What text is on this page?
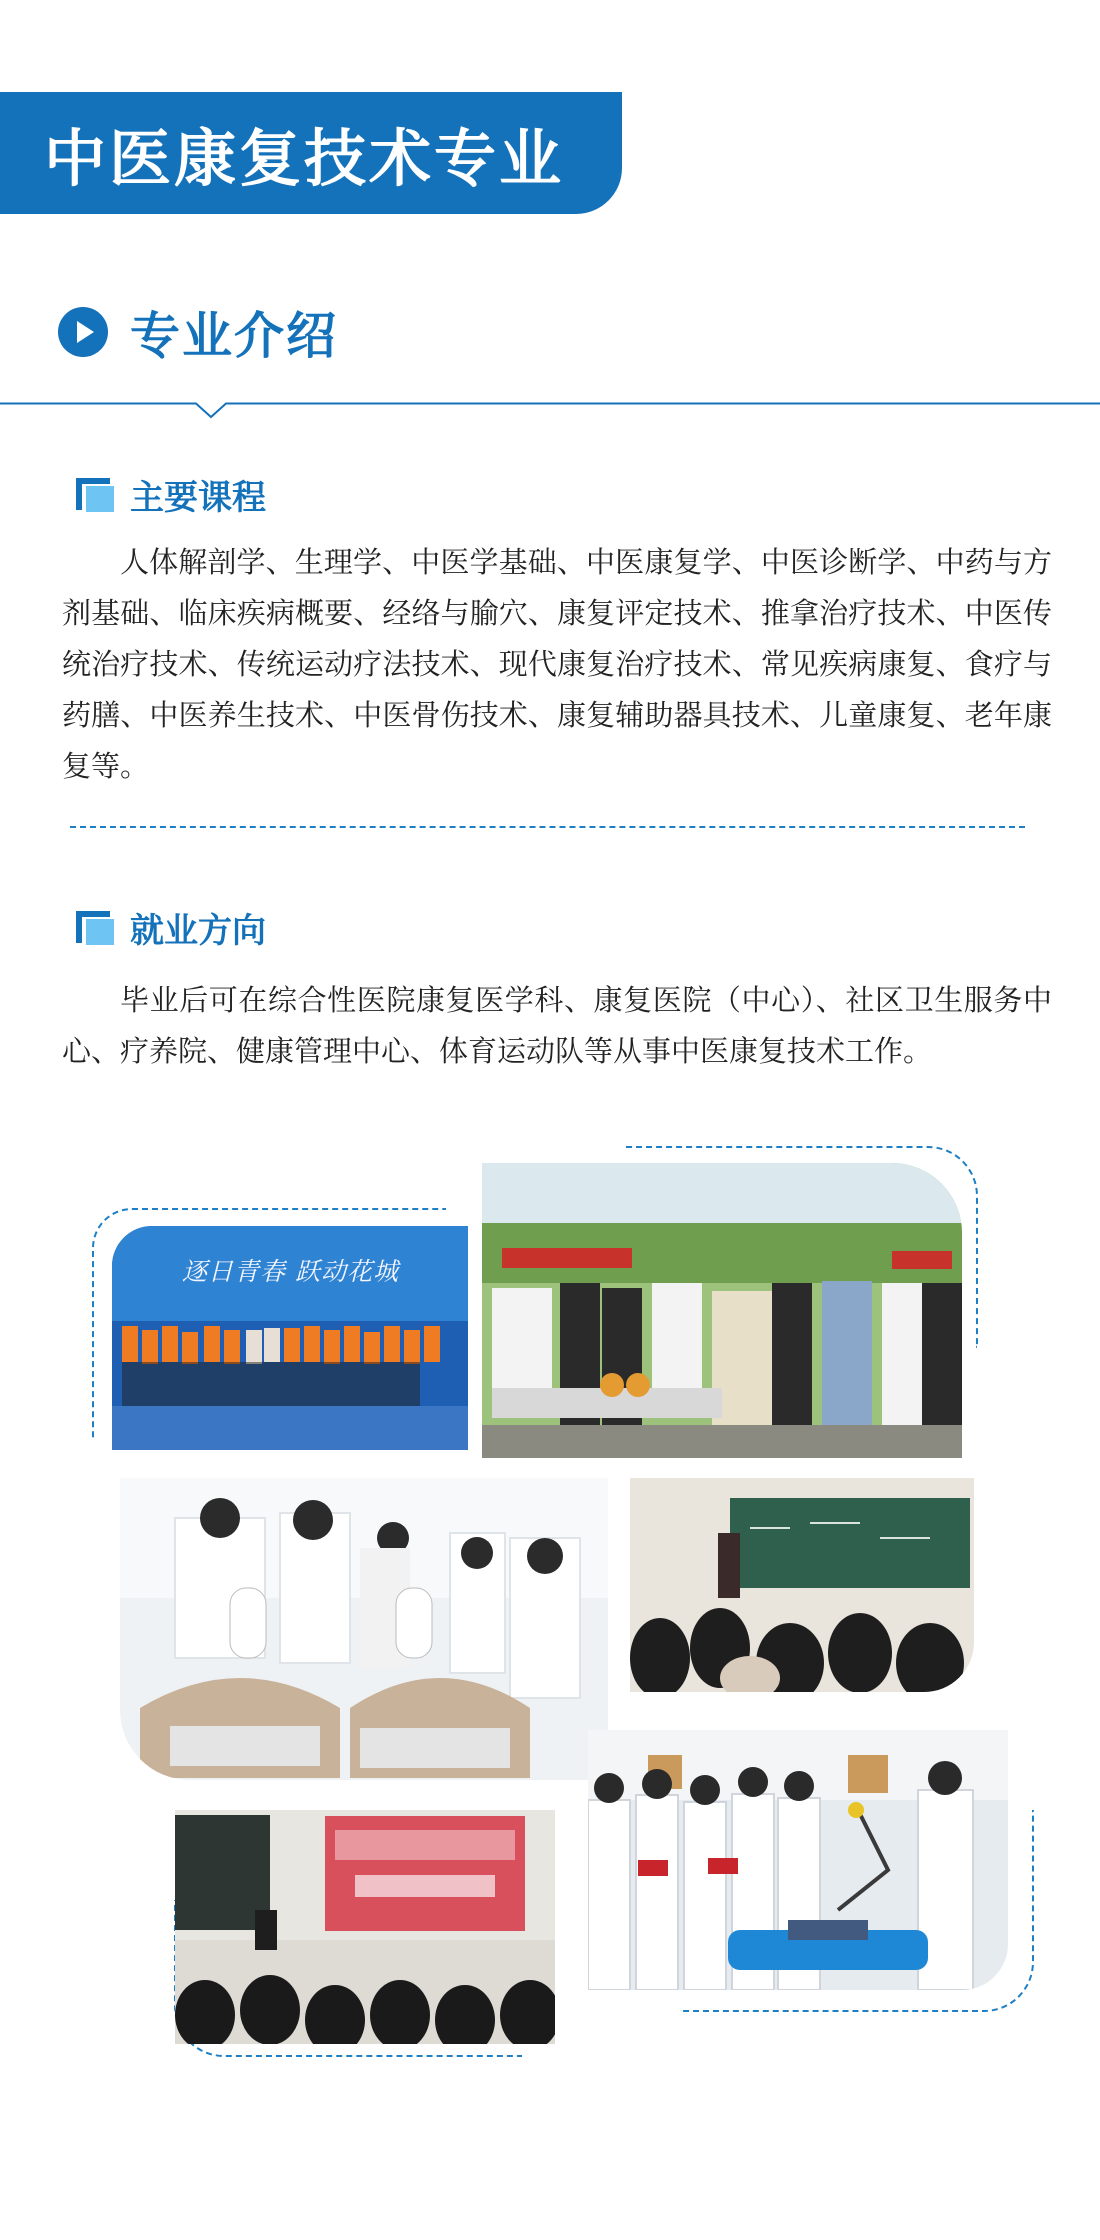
中医康复技术专业
专业介绍
主要课程

人体解剖学、生理学、中医学基础、中医康复学、中医诊断学、中药与方剂基础、临床疾病概要、经络与腧穴、康复评定技术、推拿治疗技术、中医传统治疗技术、传统运动疗法技术、现代康复治疗技术、常见疾病康复、食疗与药膳、中医养生技术、中医骨伤技术、康复辅助器具技术、儿童康复、老年康复等。

就业方向

毕业后可在综合性医院康复医学科、康复医院（中心）、社区卫生服务中心、疗养院、健康管理中心、体育运动队等从事中医康复技术工作。

逐日青春 跃动花城
